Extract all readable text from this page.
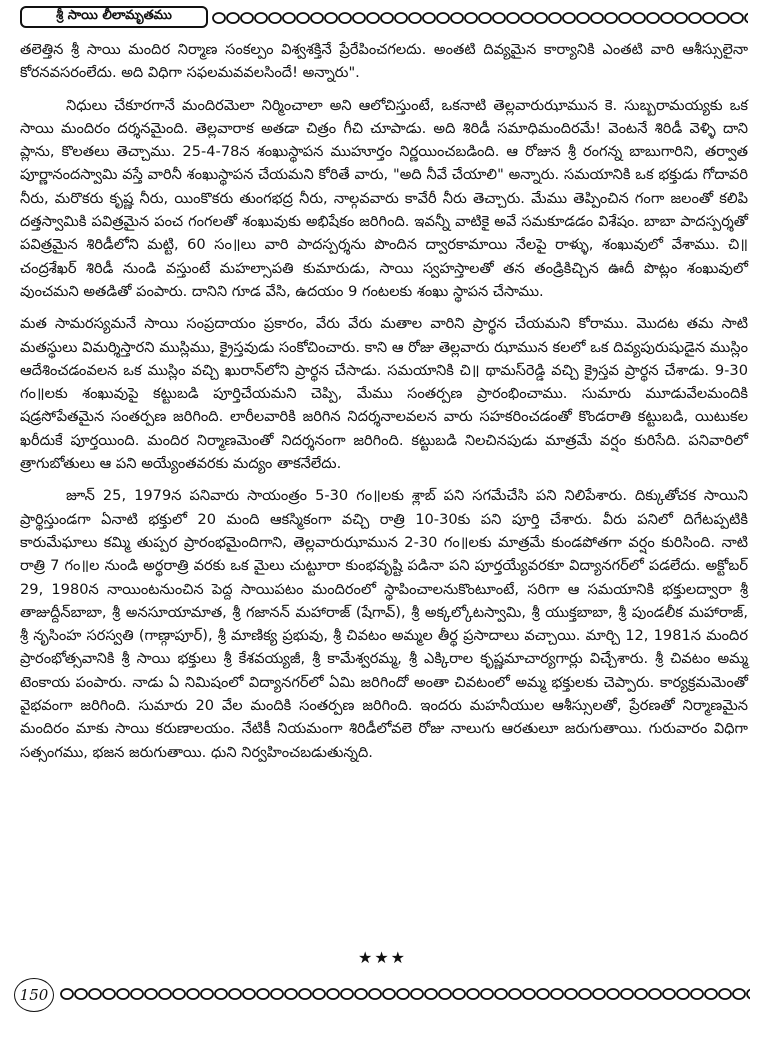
శ్రీ సాయి లీలామృతము

తలెత్తిన శ్రీ సాయి మందిర నిర్మాణ సంకల్పం విశ్వశక్తినే ప్రేరేపించగలదు. అంతటి దివ్యమైన కార్యానికి ఎంతటి వారి ఆశీస్సులైనా కోరనవసరంలేదు. అది విధిగా సఫలమవవలసిందే! అన్నారు".

నిధులు చేకూరగానే మందిరమెలా నిర్మించాలా అని ఆలోచిస్తుంటే, ఒకనాటి తెల్లవారుఝామున కె. సుబ్బరామయ్యకు ఒక సాయి మందిరం దర్శనమైంది. తెల్లవారాక అతడా చిత్రం గీచి చూపాడు. అది శిరిడీ సమాధిమందిరమే! వెంటనే శిరిడీ వెళ్ళి దాని ప్లాను, కొలతలు తెచ్చాము. 25-4-78న శంఖుస్థాపన ముహూర్తం నిర్ణయించబడింది. ఆ రోజున శ్రీ రంగన్న బాబుగారిని, తర్వాత పూర్ణానందస్వామి వస్తే వారినీ శంఖుస్థాపన చేయమని కోరితే వారు, "అది నీవే చేయాలి" అన్నారు. సమయానికి ఒక భక్తుడు గోదావరి నీరు, మరొకరు కృష్ణ నీరు, యింకొకరు తుంగభద్ర నీరు, నాల్గవవారు కావేరీ నీరు తెచ్చారు. మేము తెప్పించిన గంగా జలంతో కలిపి దత్తస్వామికి పవిత్రమైన పంచ గంగలతో శంఖువుకు అభిషేకం జరిగింది. ఇవన్నీ వాటికై అవే సమకూడడం విశేషం. బాబా పాదస్పర్శతో పవిత్రమైన శిరిడీలోని మట్టి, 60 సం॥లు వారి పాదస్పర్శను పొందిన ద్వారకామాయి నేలపై రాళ్ళు, శంఖువులో వేశాము. చి॥ చంద్రశేఖర్ శిరిడీ నుండి వస్తుంటే మహల్సాపతి కుమారుడు, సాయి స్వహస్తాలతో తన తండ్రికిచ్చిన ఊదీ పొట్లం శంఖువులో వుంచమని అతడితో పంపారు. దానిని గూడ వేసి, ఉదయం 9 గంటలకు శంఖు స్థాపన చేసాము.

మత సామరస్యమనే సాయి సంప్రదాయం ప్రకారం, వేరు వేరు మతాల వారిని ప్రార్థన చేయమని కోరాము. మొదట తమ సాటి మతస్థులు విమర్శిస్తారని ముస్లిము, క్రైస్తవుడు సంకోచించారు. కాని ఆ రోజు తెల్లవారు ఝామున కలలో ఒక దివ్యపురుషుడైన ముస్లిం ఆదేశించడంవలన ఒక ముస్లిం వచ్చి ఖురాన్‌లోని ప్రార్థన చేసాడు. సమయానికి చి॥ థామస్‌రెడ్డి వచ్చి క్రైస్తవ ప్రార్థన చేశాడు. 9-30 గం॥లకు శంఖువుపై కట్టుబడి పూర్తిచేయమని చెప్పి, మేము సంతర్పణ ప్రారంభించాము. సుమారు మూడువేలమందికి షడ్రసోపేతమైన సంతర్పణ జరిగింది. లారీలవారికి జరిగిన నిదర్శనాలవలన వారు సహకరించడంతో కొండరాతి కట్టుబడి, యిటుకల ఖరీదుకే పూర్తయింది. మందిర నిర్మాణమెంతో నిదర్శనంగా జరిగింది. కట్టుబడి నిలచినపుడు మాత్రమే వర్షం కురిసేది. పనివారిలో త్రాగుబోతులు ఆ పని అయ్యేంతవరకు మద్యం తాకనేలేదు.

జూన్ 25, 1979న పనివారు సాయంత్రం 5-30 గం॥లకు శ్లాబ్ పని సగమేచేసి పని నిలిపేశారు. దిక్కుతోచక సాయిని ప్రార్థిస్తుండగా ఏనాటి భక్తులో 20 మంది ఆకస్మికంగా వచ్చి రాత్రి 10-30కు పని పూర్తి చేశారు. వీరు పనిలో దిగేటప్పటికి కారుమేఘాలు కమ్మి తుప్పర ప్రారంభమైందిగాని, తెల్లవారుఝామున 2-30 గం॥లకు మాత్రమే కుండపోతగా వర్షం కురిసింది. నాటి రాత్రి 7 గం॥ల నుండి అర్థరాత్రి వరకు ఒక మైలు చుట్టూరా కుంభవృష్టి పడినా పని పూర్తయ్యేవరకూ విద్యానగర్‌లో పడలేదు. అక్టోబర్ 29, 1980న నాయింటనుంచిన పెద్ద సాయిపటం మందిరంలో స్థాపించాలనుకొంటూంటే, సరిగా ఆ సమయానికి భక్తులద్వారా శ్రీ తాజుద్దీన్‌బాబా, శ్రీ అనసూయామాత, శ్రీ గజానన్ మహారాజ్ (షేగావ్), శ్రీ అక్కల్కోటస్వామి, శ్రీ యుక్తబాబా, శ్రీ పుండలీక మహారాజ్, శ్రీ నృసింహ సరస్వతి (గాణ్గాపూర్), శ్రీ మాణిక్య ప్రభువు, శ్రీ చివటం అమ్మల తీర్థ ప్రసాదాలు వచ్చాయి. మార్చి 12, 1981న మందిర ప్రారంభోత్సవానికి శ్రీ సాయి భక్తులు శ్రీ కేశవయ్యజీ, శ్రీ కామేశ్వరమ్మ, శ్రీ ఎక్కిరాల కృష్ణమాచార్యగార్లు విచ్చేశారు. శ్రీ చివటం అమ్మ టెంకాయ పంపారు. నాడు ఏ నిమిషంలో విద్యానగర్‌లో ఏమి జరిగిందో అంతా చివటంలో అమ్మ భక్తులకు చెప్పారు. కార్యక్రమమెంతో వైభవంగా జరిగింది. సుమారు 20 వేల మందికి సంతర్పణ జరిగింది. ఇందరు మహనీయుల ఆశీస్సులతో, ప్రేరణతో నిర్మాణమైన మందిరం మాకు సాయి కరుణాలయం. నేటికీ నియమంగా శిరిడీలోవలె రోజు నాలుగు ఆరతులూ జరుగుతాయి. గురువారం విధిగా సత్సంగము, భజన జరుగుతాయి. ధుని నిర్వహించబడుతున్నది.

★★★
150
